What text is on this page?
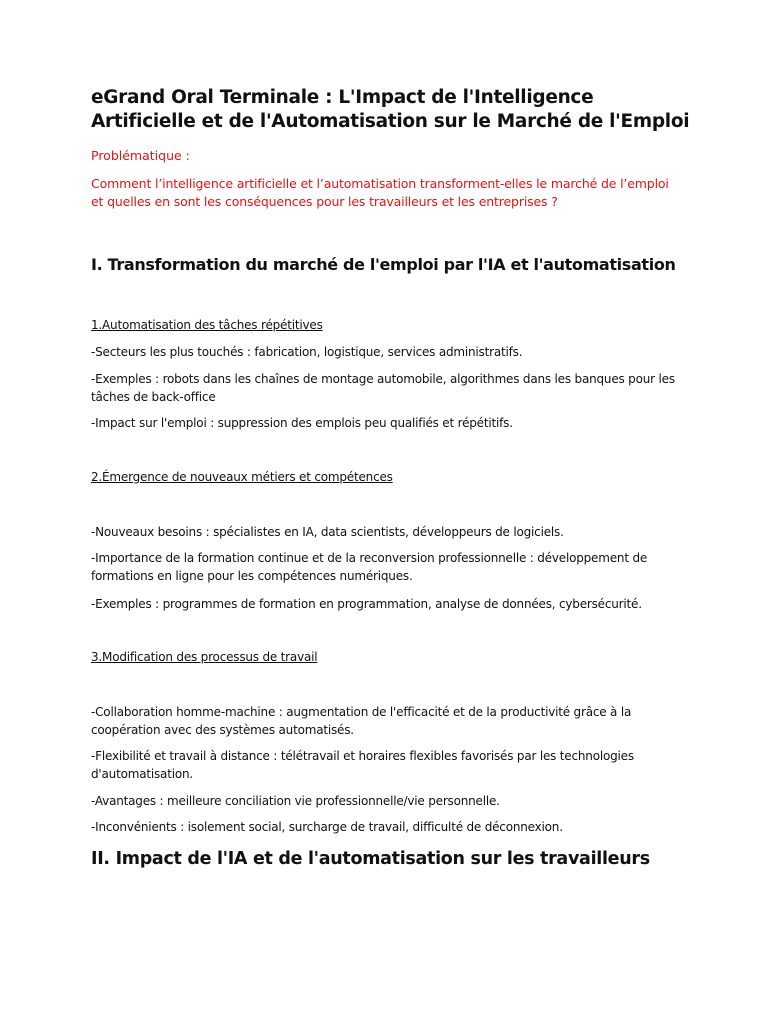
eGrand Oral Terminale : L'Impact de l'Intelligence Artificielle et de l'Automatisation sur le Marché de l'Emploi

Problématique :

Comment l’intelligence artificielle et l’automatisation transforment-elles le marché de l’emploi et quelles en sont les conséquences pour les travailleurs et les entreprises ?

I. Transformation du marché de l'emploi par l'IA et l'automatisation

1.Automatisation des tâches répétitives

-Secteurs les plus touchés : fabrication, logistique, services administratifs.

-Exemples : robots dans les chaînes de montage automobile, algorithmes dans les banques pour les tâches de back-office

-Impact sur l'emploi : suppression des emplois peu qualifiés et répétitifs.

2.Émergence de nouveaux métiers et compétences

-Nouveaux besoins : spécialistes en IA, data scientists, développeurs de logiciels.

-Importance de la formation continue et de la reconversion professionnelle : développement de formations en ligne pour les compétences numériques.

-Exemples : programmes de formation en programmation, analyse de données, cybersécurité.

3.Modification des processus de travail

-Collaboration homme-machine : augmentation de l'efficacité et de la productivité grâce à la coopération avec des systèmes automatisés.

-Flexibilité et travail à distance : télétravail et horaires flexibles favorisés par les technologies d'automatisation.

-Avantages : meilleure conciliation vie professionnelle/vie personnelle.

-Inconvénients : isolement social, surcharge de travail, difficulté de déconnexion.

II. Impact de l'IA et de l'automatisation sur les travailleurs
